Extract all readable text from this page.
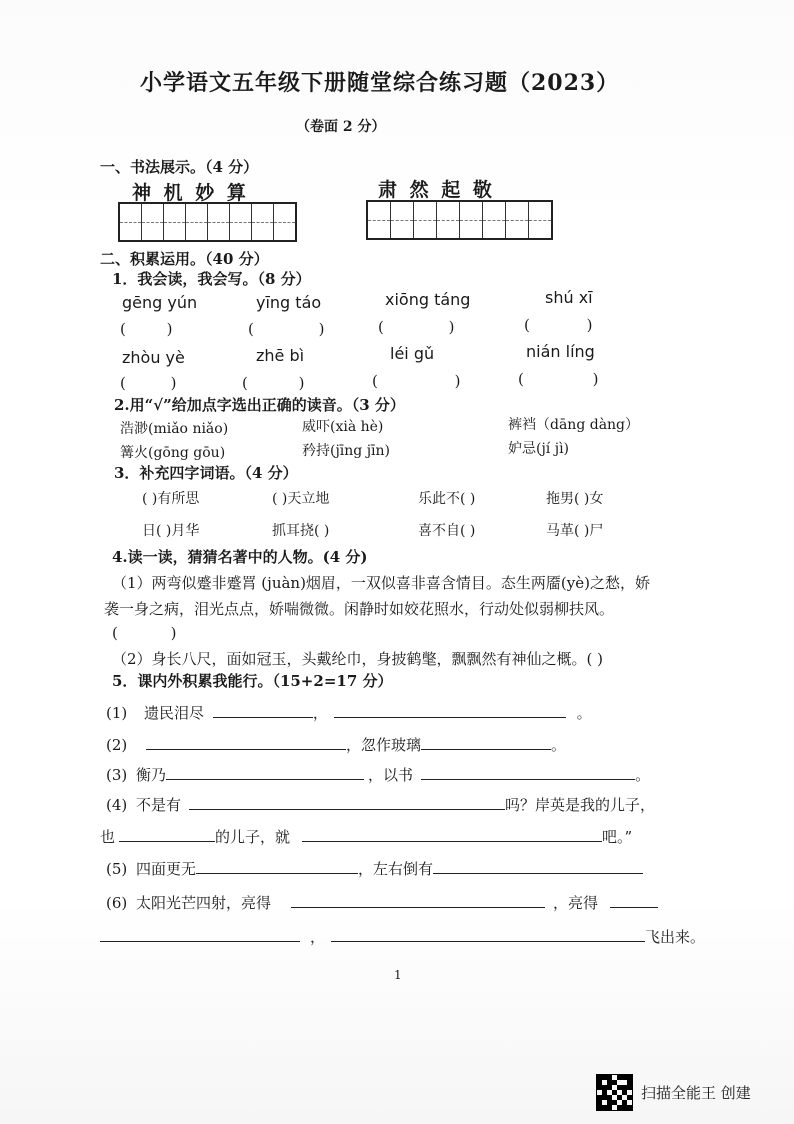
小学语文五年级下册随堂综合练习题（2023）
（卷面 2 分）
一、书法展示。（4 分）
神 机 妙 算	肃 然 起 敬
二、积累运用。（40 分）
1．我会读，我会写。（8 分）
gēng yún	yīng táo	xiōng táng	shú xī
( )	( )	( )	( )
zhòu yè	zhē bì	léi gǔ	nián líng
( )	( )	( )	( )
2.用“√”给加点字选出正确的读音。（3 分）
浩渺(miǎo niǎo)	威吓(xià hè)	裤裆（dāng dàng）
篝火(gōng gōu)	矜持(jīng jīn)	妒忌(jí jì)
3．补充四字词语。（4 分）
( )有所思	( )天立地	乐此不( )	拖男( )女
日( )月华	抓耳挠( )	喜不自( )	马革( )尸
4.读一读，猜猜名著中的人物。(4 分)
（1）两弯似蹙非蹙罥 (juàn)烟眉，一双似喜非喜含情目。态生两靥(yè)之愁，娇
袭一身之病，泪光点点，娇喘微微。闲静时如姣花照水，行动处似弱柳扶风。
( )
（2）身长八尺，面如冠玉，头戴纶巾，身披鹤氅，飘飘然有神仙之概。( )
5．课内外积累我能行。（15+2=17 分）
(1) 遗民泪尽	，	。
(2)	，忽作玻璃	。
(3) 衡乃	，以书	。
(4) 不是有	吗？岸英是我的儿子，
也	的儿子，就	吧。”
(5) 四面更无	，左右倒有
(6) 太阳光芒四射，亮得	，亮得
，	飞出来。
1
扫描全能王 创建
